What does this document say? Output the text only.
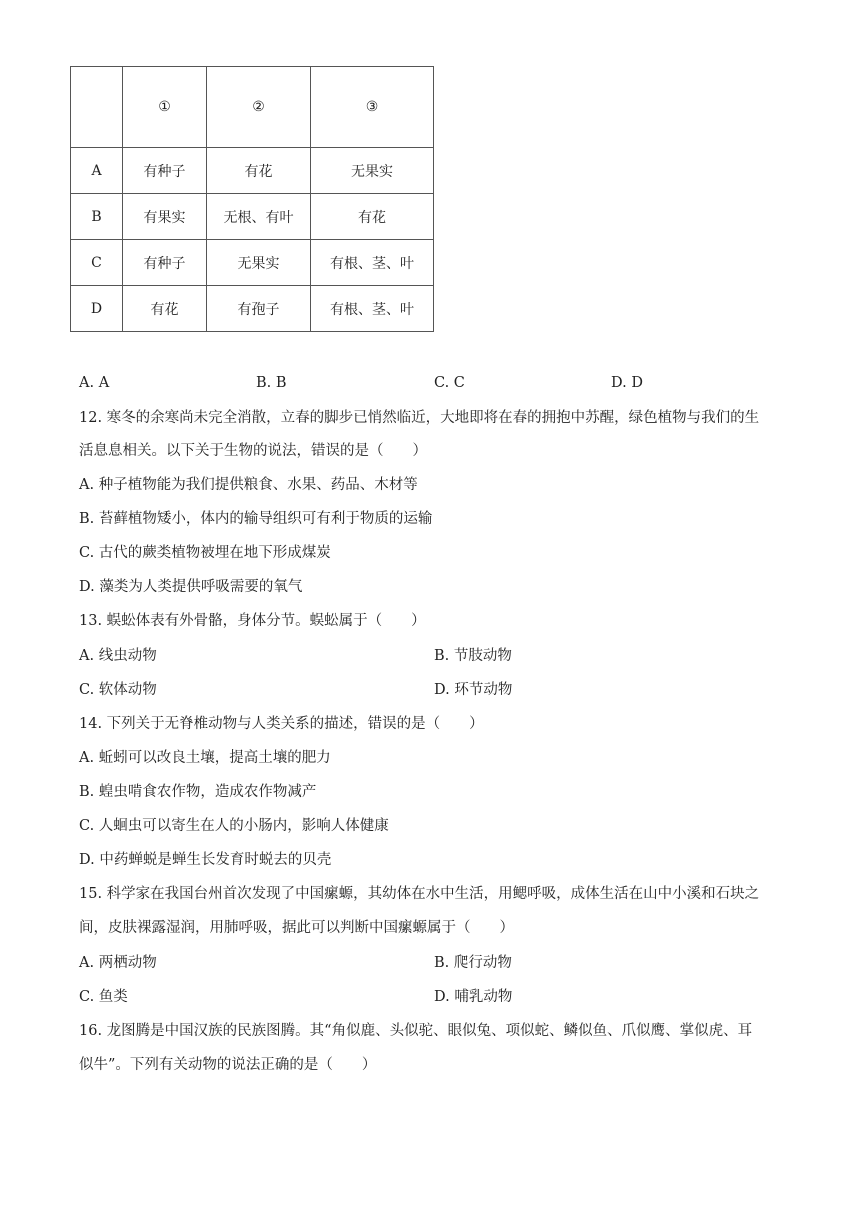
	①	②	③
A	有种子	有花	无果实
B	有果实	无根、有叶	有花
C	有种子	无果实	有根、茎、叶
D	有花	有孢子	有根、茎、叶
A. A	B. B	C. C	D. D
12. 寒冬的余寒尚未完全消散，立春的脚步已悄然临近，大地即将在春的拥抱中苏醒，绿色植物与我们的生
活息息相关。以下关于生物的说法，错误的是（　　）
A. 种子植物能为我们提供粮食、水果、药品、木材等
B. 苔藓植物矮小，体内的输导组织可有利于物质的运输
C. 古代的蕨类植物被埋在地下形成煤炭
D. 藻类为人类提供呼吸需要的氧气
13. 蜈蚣体表有外骨骼，身体分节。蜈蚣属于（　　）
A. 线虫动物	B. 节肢动物
C. 软体动物	D. 环节动物
14. 下列关于无脊椎动物与人类关系的描述，错误的是（　　）
A. 蚯蚓可以改良土壤，提高土壤的肥力
B. 蝗虫啃食农作物，造成农作物减产
C. 人蛔虫可以寄生在人的小肠内，影响人体健康
D. 中药蝉蜕是蝉生长发育时蜕去的贝壳
15. 科学家在我国台州首次发现了中国瘰螈，其幼体在水中生活，用鳃呼吸，成体生活在山中小溪和石块之
间，皮肤裸露湿润，用肺呼吸，据此可以判断中国瘰螈属于（　　）
A. 两栖动物	B. 爬行动物
C. 鱼类	D. 哺乳动物
16. 龙图腾是中国汉族的民族图腾。其“角似鹿、头似驼、眼似兔、项似蛇、鳞似鱼、爪似鹰、掌似虎、耳
似牛”。下列有关动物的说法正确的是（　　）
